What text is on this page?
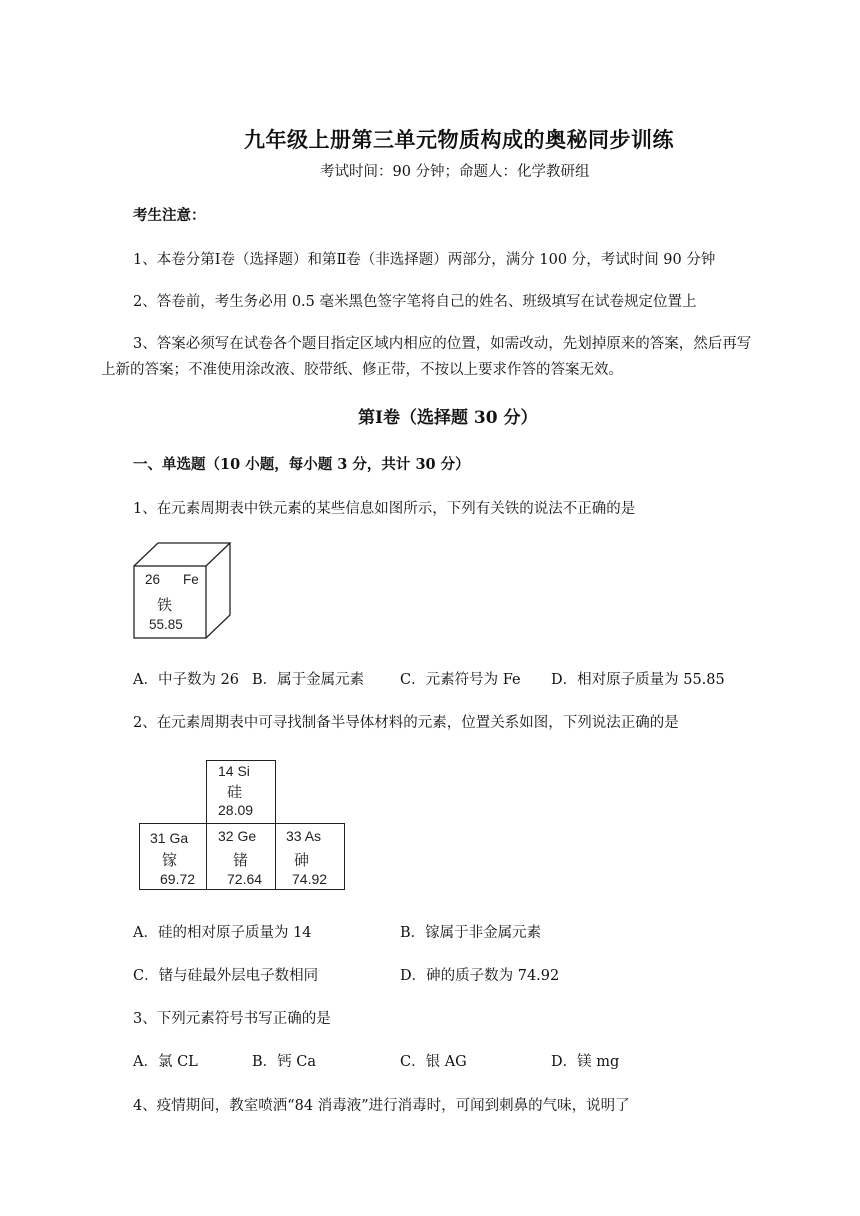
九年级上册第三单元物质构成的奥秘同步训练
考试时间：90 分钟；命题人：化学教研组
考生注意：
1、本卷分第Ⅰ卷（选择题）和第Ⅱ卷（非选择题）两部分，满分 100 分，考试时间 90 分钟
2、答卷前，考生务必用 0.5 毫米黑色签字笔将自己的姓名、班级填写在试卷规定位置上
3、答案必须写在试卷各个题目指定区域内相应的位置，如需改动，先划掉原来的答案，然后再写
上新的答案；不准使用涂改液、胶带纸、修正带，不按以上要求作答的答案无效。
第Ⅰ卷（选择题 30 分）
一、单选题（10 小题，每小题 3 分，共计 30 分）
1、在元素周期表中铁元素的某些信息如图所示，下列有关铁的说法不正确的是
26 Fe
铁
55.85
A．中子数为 26 B．属于金属元素 C．元素符号为 Fe D．相对原子质量为 55.85
2、在元素周期表中可寻找制备半导体材料的元素，位置关系如图，下列说法正确的是
14 Si
硅
28.09
31 Ga
镓
69.72
32 Ge
锗
72.64
33 As
砷
74.92
A．硅的相对原子质量为 14	B．镓属于非金属元素
C．锗与硅最外层电子数相同	D．砷的质子数为 74.92
3、下列元素符号书写正确的是
A．氯 CL	B．钙 Ca	C．银 AG	D．镁 mg
4、疫情期间，教室喷洒“84 消毒液”进行消毒时，可闻到刺鼻的气味，说明了
